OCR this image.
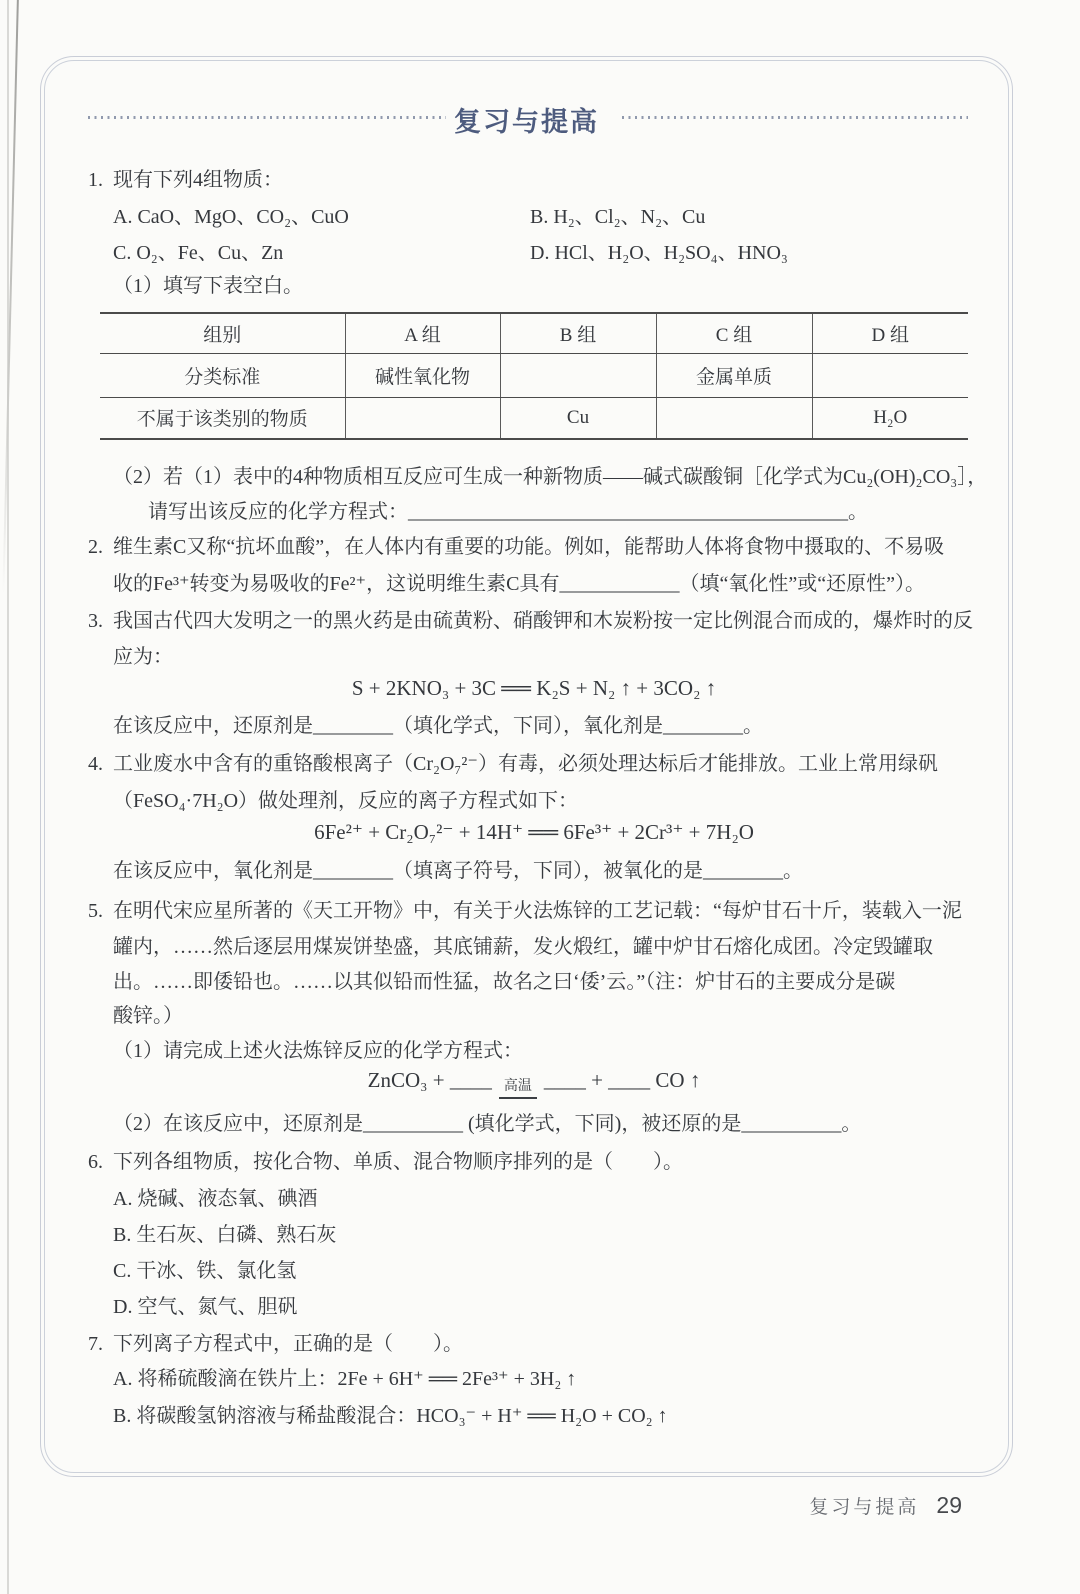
复习与提高
1. 现有下列4组物质：
A. CaO、MgO、CO₂、CuO	B. H₂、Cl₂、N₂、Cu
C. O₂、Fe、Cu、Zn	D. HCl、H₂O、H₂SO₄、HNO₃
（1）填写下表空白。
组别	A 组	B 组	C 组	D 组
分类标准	碱性氧化物		金属单质	
不属于该类别的物质		Cu		H₂O
（2）若（1）表中的4种物质相互反应可生成一种新物质——碱式碳酸铜［化学式为Cu₂(OH)₂CO₃］，
请写出该反应的化学方程式：____________________________________________。
2. 维生素C又称“抗坏血酸”，在人体内有重要的功能。例如，能帮助人体将食物中摄取的、不易吸
收的Fe³⁺转变为易吸收的Fe²⁺，这说明维生素C具有____________（填“氧化性”或“还原性”）。
3. 我国古代四大发明之一的黑火药是由硫黄粉、硝酸钾和木炭粉按一定比例混合而成的，爆炸时的反
应为：
S + 2KNO₃ + 3C ══ K₂S + N₂ ↑ + 3CO₂ ↑
在该反应中，还原剂是________（填化学式，下同），氧化剂是________。
4. 工业废水中含有的重铬酸根离子（Cr₂O₇²⁻）有毒，必须处理达标后才能排放。工业上常用绿矾
（FeSO₄·7H₂O）做处理剂，反应的离子方程式如下：
6Fe²⁺ + Cr₂O₇²⁻ + 14H⁺ ══ 6Fe³⁺ + 2Cr³⁺ + 7H₂O
在该反应中，氧化剂是________（填离子符号，下同），被氧化的是________。
5. 在明代宋应星所著的《天工开物》中，有关于火法炼锌的工艺记载：“每炉甘石十斤，装载入一泥
罐内，……然后逐层用煤炭饼垫盛，其底铺薪，发火煅红，罐中炉甘石熔化成团。冷定毁罐取
出。……即倭铅也。……以其似铅而性猛，故名之曰‘倭’云。”（注：炉甘石的主要成分是碳
酸锌。）
（1）请完成上述火法炼锌反应的化学方程式：
ZnCO₃ + ____ 高温 ____ + ____ CO ↑
（2）在该反应中，还原剂是__________ (填化学式，下同)，被还原的是__________。
6. 下列各组物质，按化合物、单质、混合物顺序排列的是（　　）。
A. 烧碱、液态氧、碘酒
B. 生石灰、白磷、熟石灰
C. 干冰、铁、氯化氢
D. 空气、氮气、胆矾
7. 下列离子方程式中，正确的是（　　）。
A. 将稀硫酸滴在铁片上：2Fe + 6H⁺ ══ 2Fe³⁺ + 3H₂ ↑
B. 将碳酸氢钠溶液与稀盐酸混合：HCO₃⁻ + H⁺ ══ H₂O + CO₂ ↑
复习与提高 29
